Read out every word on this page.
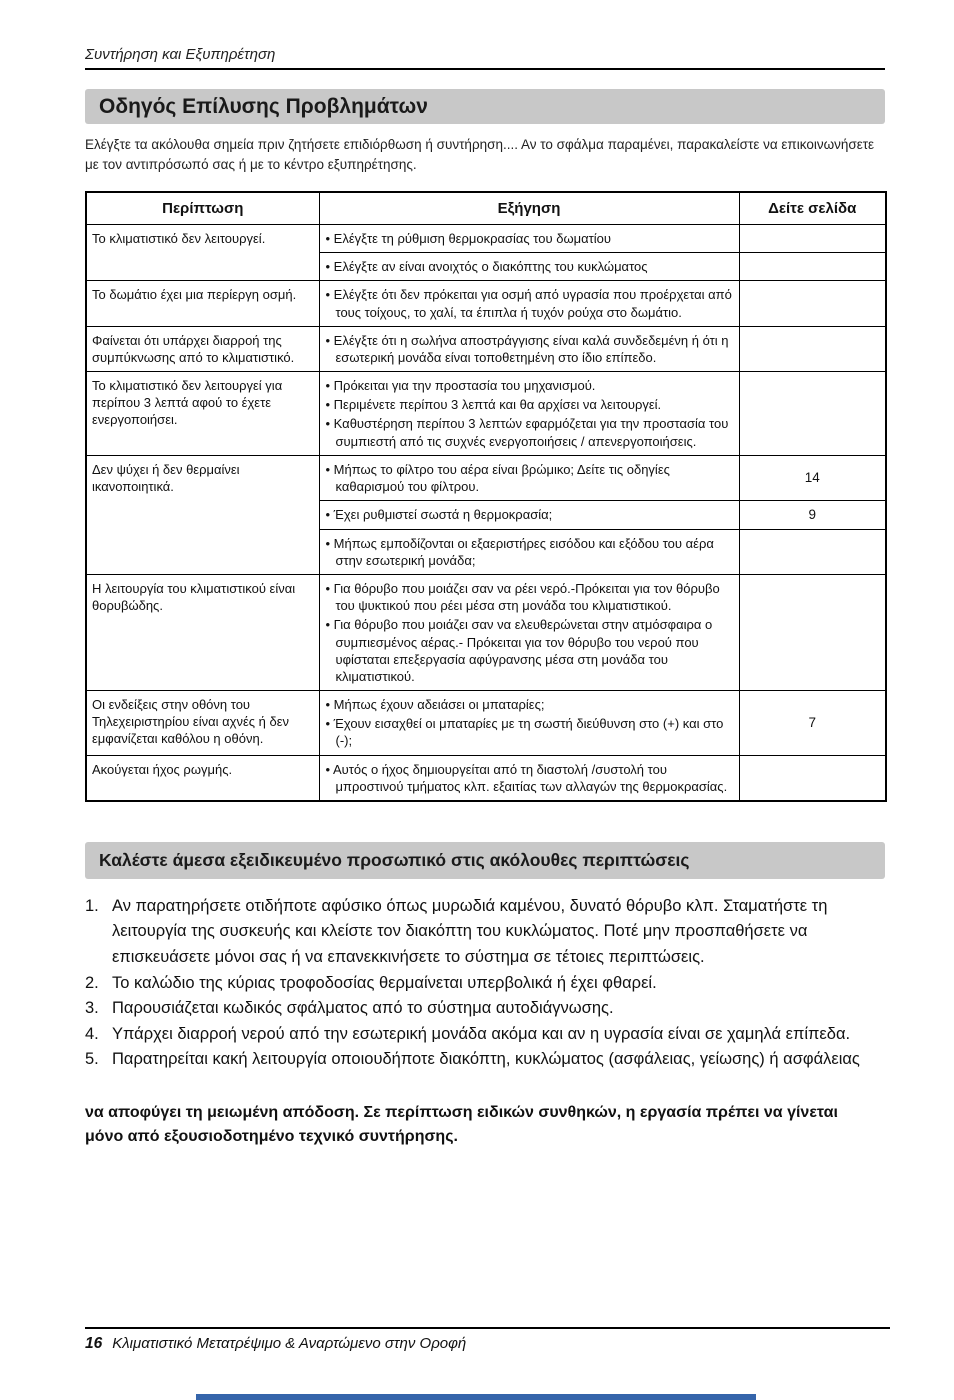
Συντήρηση και Εξυπηρέτηση
Οδηγός Επίλυσης Προβλημάτων

Ελέγξτε τα ακόλουθα σημεία πριν ζητήσετε επιδιόρθωση ή συντήρηση.... Αν το σφάλμα παραμένει, παρακαλείστε να επικοινωνήσετε με τον αντιπρόσωπό σας ή με το κέντρο εξυπηρέτησης.

Περίπτωση	Εξήγηση	Δείτε σελίδα
Το κλιματιστικό δεν λειτουργεί.	• Ελέγξτε τη ρύθμιση θερμοκρασίας του δωματίου	

	• Ελέγξτε αν είναι ανοιχτός ο διακόπτης του κυκλώματος	

Το δωμάτιο έχει μια περίεργη οσμή.	• Ελέγξτε ότι δεν πρόκειται για οσμή από υγρασία που προέρχεται από τους τοίχους, το χαλί, τα έπιπλα ή τυχόν ρούχα στο δωμάτιο.	

Φαίνεται ότι υπάρχει διαρροή της συμπύκνωσης από το κλιματιστικό.	• Ελέγξτε ότι η σωλήνα αποστράγγισης είναι καλά συνδεδεμένη ή ότι η εσωτερική μονάδα είναι τοποθετημένη στο ίδιο επίπεδο.	

Το κλιματιστικό δεν λειτουργεί για περίπου 3 λεπτά αφού το έχετε ενεργοποιήσει.	• Πρόκειται για την προστασία του μηχανισμού.
• Περιμένετε περίπου 3 λεπτά και θα αρχίσει να λειτουργεί.
• Καθυστέρηση περίπου 3 λεπτών εφαρμόζεται για την προστασία του συμπιεστή από τις συχνές ενεργοποιήσεις / απενεργοποιήσεις.	

Δεν ψύχει ή δεν θερμαίνει ικανοποιητικά.	• Μήπως το φίλτρο του αέρα είναι βρώμικο; Δείτε τις οδηγίες καθαρισμού του φίλτρου.	14

	• Έχει ρυθμιστεί σωστά η θερμοκρασία;	9

	• Μήπως εμποδίζονται οι εξαεριστήρες εισόδου και εξόδου του αέρα στην εσωτερική μονάδα;	

Η λειτουργία του κλιματιστικού είναι θορυβώδης.	• Για θόρυβο που μοιάζει σαν να ρέει νερό.-Πρόκειται για τον θόρυβο του ψυκτικού που ρέει μέσα στη μονάδα του κλιματιστικού.
• Για θόρυβο που μοιάζει σαν να ελευθερώνεται στην ατμόσφαιρα ο συμπιεσμένος αέρας.- Πρόκειται για τον θόρυβο του νερού που υφίσταται επεξεργασία αφύγρανσης μέσα στη μονάδα του κλιματιστικού.	

Οι ενδείξεις στην οθόνη του Τηλεχειριστηρίου είναι αχνές ή δεν εμφανίζεται καθόλου η οθόνη.	• Μήπως έχουν αδειάσει οι μπαταρίες;
• Έχουν εισαχθεί οι μπαταρίες με τη σωστή διεύθυνση στο (+) και στο (-);	7
Ακούγεται ήχος ρωγμής.	• Αυτός ο ήχος δημιουργείται από τη διαστολή /συστολή του μπροστινού τμήματος κλπ. εξαιτίας των αλλαγών της θερμοκρασίας.	

Καλέστε άμεσα εξειδικευμένο προσωπικό στις ακόλουθες περιπτώσεις
1. Αν παρατηρήσετε οτιδήποτε αφύσικο όπως μυρωδιά καμένου, δυνατό θόρυβο κλπ. Σταματήστε τη λειτουργία της συσκευής και κλείστε τον διακόπτη του κυκλώματος. Ποτέ μην προσπαθήσετε να επισκευάσετε μόνοι σας ή να επανεκκινήσετε το σύστημα σε τέτοιες περιπτώσεις.
2. Το καλώδιο της κύριας τροφοδοσίας θερμαίνεται υπερβολικά ή έχει φθαρεί.
3. Παρουσιάζεται κωδικός σφάλματος από το σύστημα αυτοδιάγνωσης.
4. Υπάρχει διαρροή νερού από την εσωτερική μονάδα ακόμα και αν η υγρασία είναι σε χαμηλά επίπεδα.
5. Παρατηρείται κακή λειτουργία οποιουδήποτε διακόπτη, κυκλώματος (ασφάλειας, γείωσης) ή ασφάλειας

να αποφύγει τη μειωμένη απόδοση. Σε περίπτωση ειδικών συνθηκών, η εργασία πρέπει να γίνεται μόνο από εξουσιοδοτημένο τεχνικό συντήρησης.

16 Κλιματιστικό Μετατρέψιμο & Αναρτώμενο στην Οροφή
